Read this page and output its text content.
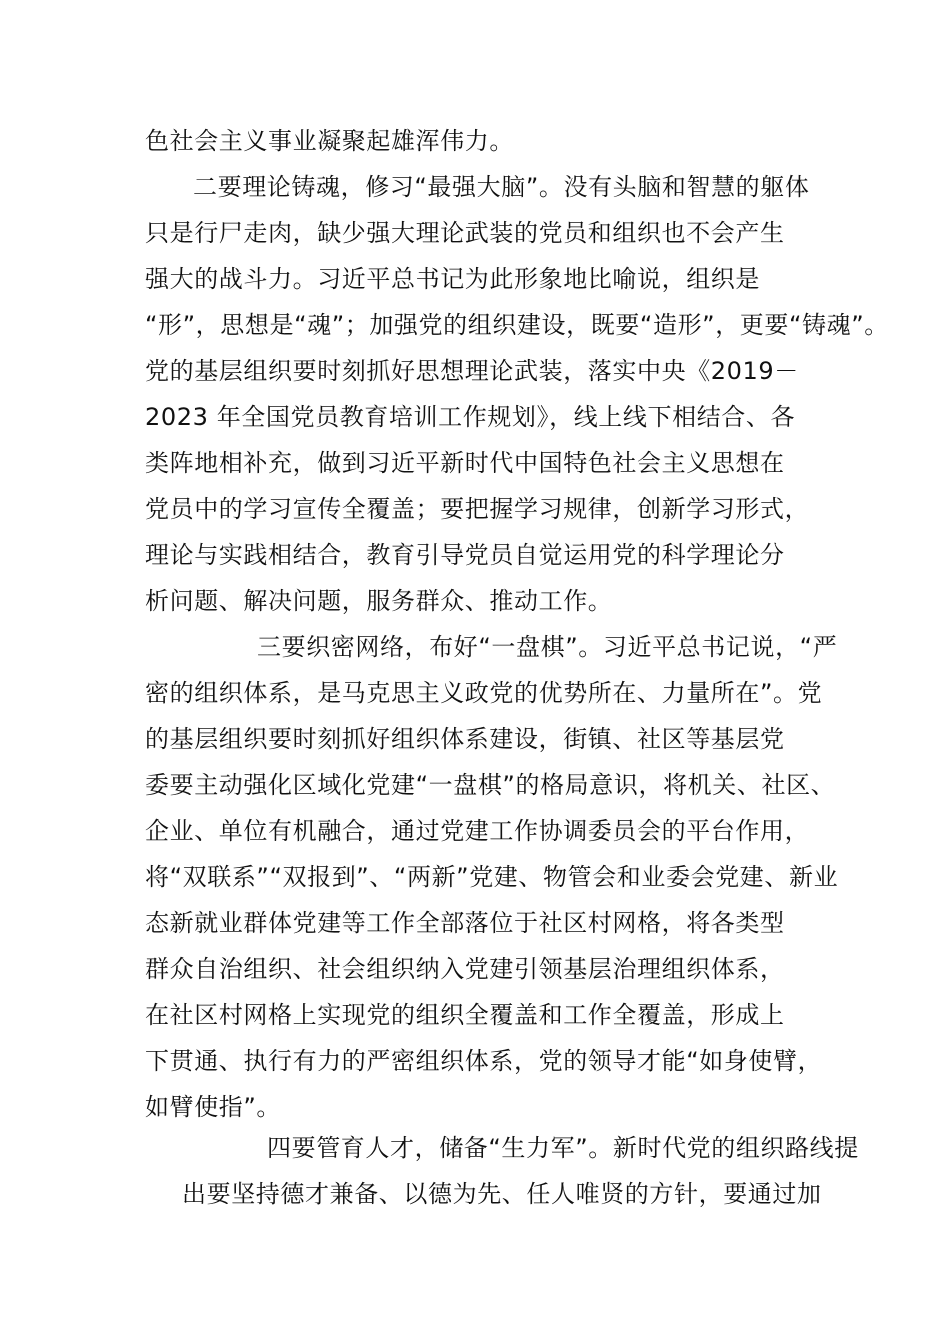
色社会主义事业凝聚起雄浑伟力。
二要理论铸魂，修习“最强大脑”。没有头脑和智慧的躯体
只是行尸走肉，缺少强大理论武装的党员和组织也不会产生
强大的战斗力。习近平总书记为此形象地比喻说，组织是
“形”，思想是“魂”；加强党的组织建设，既要“造形”，更要“铸魂”。
党的基层组织要时刻抓好思想理论武装，落实中央《2019－
2023 年全国党员教育培训工作规划》，线上线下相结合、各
类阵地相补充，做到习近平新时代中国特色社会主义思想在
党员中的学习宣传全覆盖；要把握学习规律，创新学习形式，
理论与实践相结合，教育引导党员自觉运用党的科学理论分
析问题、解决问题，服务群众、推动工作。
三要织密网络，布好“一盘棋”。习近平总书记说，“严
密的组织体系，是马克思主义政党的优势所在、力量所在”。党
的基层组织要时刻抓好组织体系建设，街镇、社区等基层党
委要主动强化区域化党建“一盘棋”的格局意识，将机关、社区、
企业、单位有机融合，通过党建工作协调委员会的平台作用，
将“双联系”“双报到”、“两新”党建、物管会和业委会党建、新业
态新就业群体党建等工作全部落位于社区村网格，将各类型
群众自治组织、社会组织纳入党建引领基层治理组织体系，
在社区村网格上实现党的组织全覆盖和工作全覆盖，形成上
下贯通、执行有力的严密组织体系，党的领导才能“如身使臂，
如臂使指”。
四要管育人才，储备“生力军”。新时代党的组织路线提
出要坚持德才兼备、以德为先、任人唯贤的方针，要通过加
